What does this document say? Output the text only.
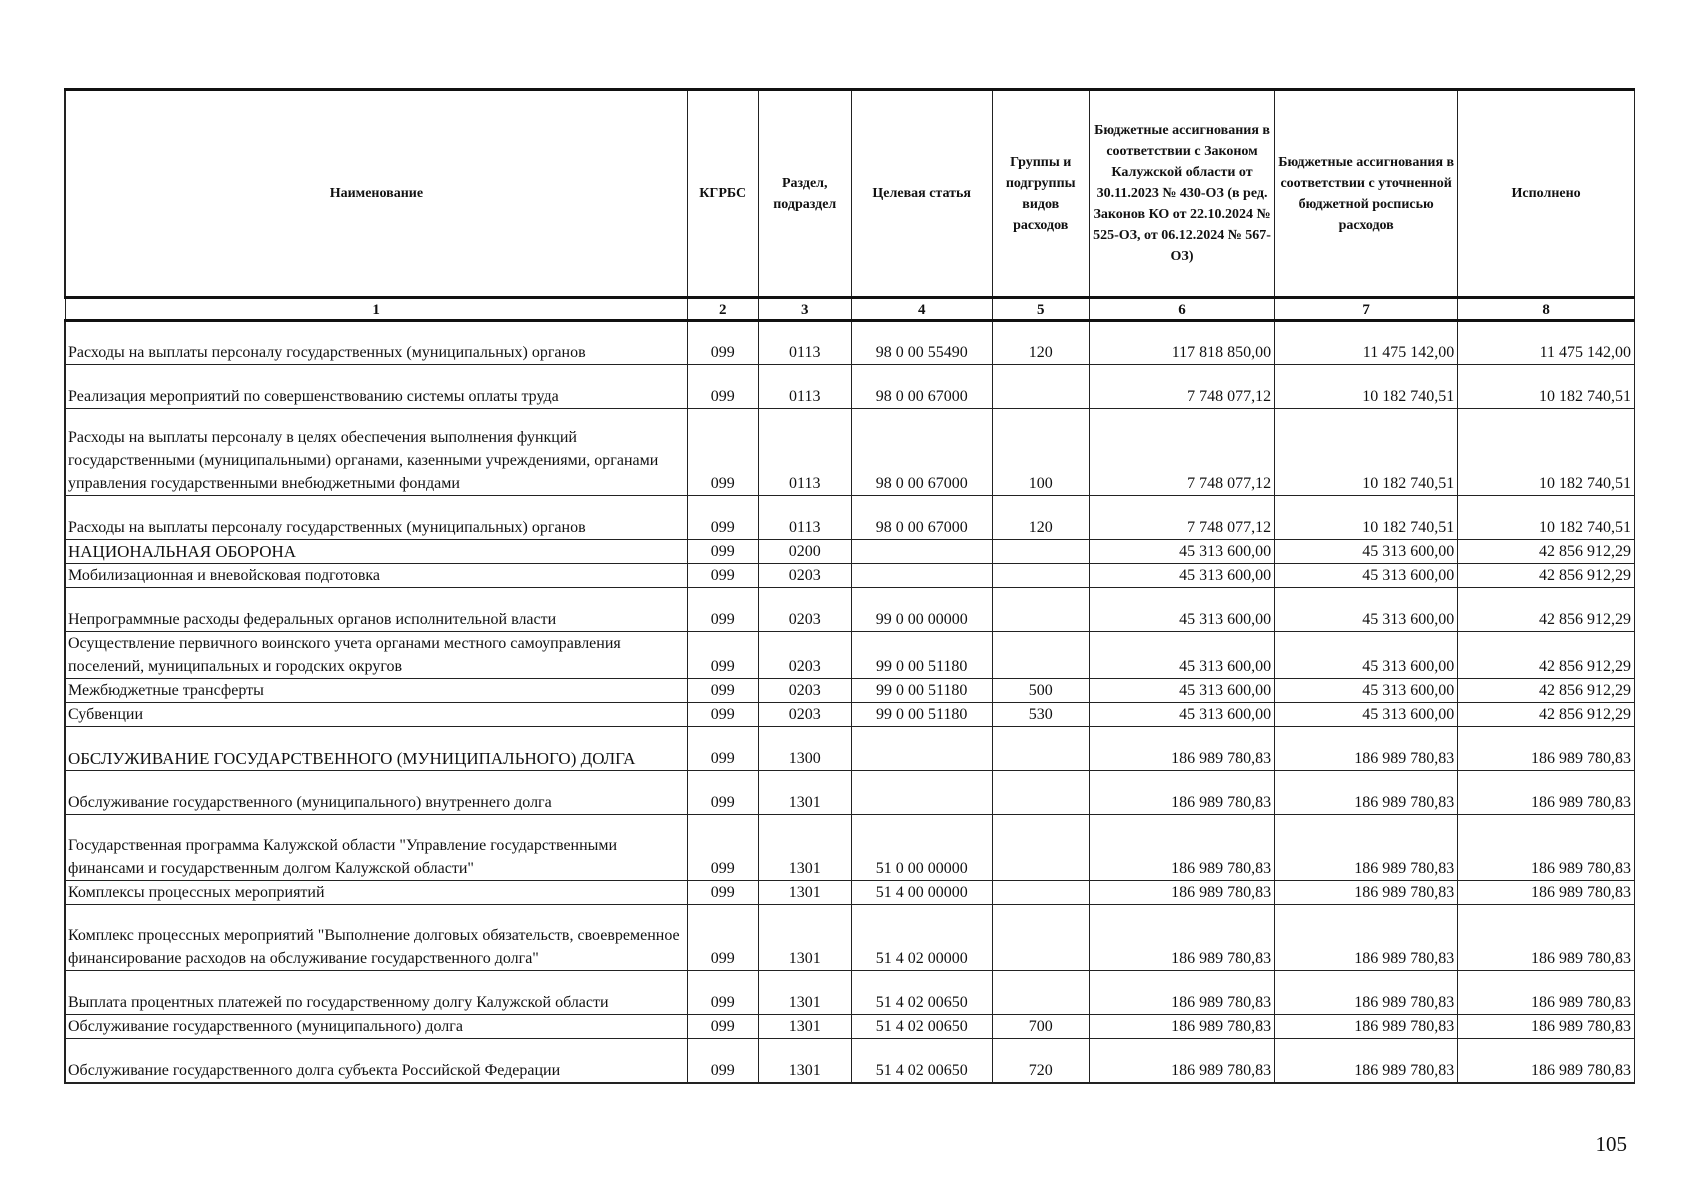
Наименование	КГРБС	Раздел, подраздел	Целевая статья	Группы и подгруппы видов расходов	Бюджетные ассигнования в соответствии с Законом Калужской области от 30.11.2023 № 430-ОЗ (в ред. Законов КО от 22.10.2024 № 525-ОЗ, от 06.12.2024 № 567-ОЗ)	Бюджетные ассигнования в соответствии с уточненной бюджетной росписью расходов	Исполнено
1	2	3	4	5	6	7	8
Расходы на выплаты персоналу государственных (муниципальных) органов	099	0113	98 0 00 55490	120	117 818 850,00	11 475 142,00	11 475 142,00
Реализация мероприятий по совершенствованию системы оплаты труда	099	0113	98 0 00 67000		7 748 077,12	10 182 740,51	10 182 740,51
Расходы на выплаты персоналу в целях обеспечения выполнения функций государственными (муниципальными) органами, казенными учреждениями, органами управления государственными внебюджетными фондами	099	0113	98 0 00 67000	100	7 748 077,12	10 182 740,51	10 182 740,51
Расходы на выплаты персоналу государственных (муниципальных) органов	099	0113	98 0 00 67000	120	7 748 077,12	10 182 740,51	10 182 740,51
НАЦИОНАЛЬНАЯ ОБОРОНА	099	0200			45 313 600,00	45 313 600,00	42 856 912,29
Мобилизационная и вневойсковая подготовка	099	0203			45 313 600,00	45 313 600,00	42 856 912,29
Непрограммные расходы федеральных органов исполнительной власти	099	0203	99 0 00 00000		45 313 600,00	45 313 600,00	42 856 912,29
Осуществление первичного воинского учета органами местного самоуправления поселений, муниципальных и городских округов	099	0203	99 0 00 51180		45 313 600,00	45 313 600,00	42 856 912,29
Межбюджетные трансферты	099	0203	99 0 00 51180	500	45 313 600,00	45 313 600,00	42 856 912,29
Субвенции	099	0203	99 0 00 51180	530	45 313 600,00	45 313 600,00	42 856 912,29
ОБСЛУЖИВАНИЕ ГОСУДАРСТВЕННОГО (МУНИЦИПАЛЬНОГО) ДОЛГА	099	1300			186 989 780,83	186 989 780,83	186 989 780,83
Обслуживание государственного (муниципального) внутреннего долга	099	1301			186 989 780,83	186 989 780,83	186 989 780,83
Государственная программа Калужской области "Управление государственными финансами и государственным долгом Калужской области"	099	1301	51 0 00 00000		186 989 780,83	186 989 780,83	186 989 780,83
Комплексы процессных мероприятий	099	1301	51 4 00 00000		186 989 780,83	186 989 780,83	186 989 780,83
Комплекс процессных мероприятий "Выполнение долговых обязательств, своевременное финансирование расходов на обслуживание государственного долга"	099	1301	51 4 02 00000		186 989 780,83	186 989 780,83	186 989 780,83
Выплата процентных платежей по государственному долгу Калужской области	099	1301	51 4 02 00650		186 989 780,83	186 989 780,83	186 989 780,83
Обслуживание государственного (муниципального) долга	099	1301	51 4 02 00650	700	186 989 780,83	186 989 780,83	186 989 780,83
Обслуживание государственного долга субъекта Российской Федерации	099	1301	51 4 02 00650	720	186 989 780,83	186 989 780,83	186 989 780,83
105
